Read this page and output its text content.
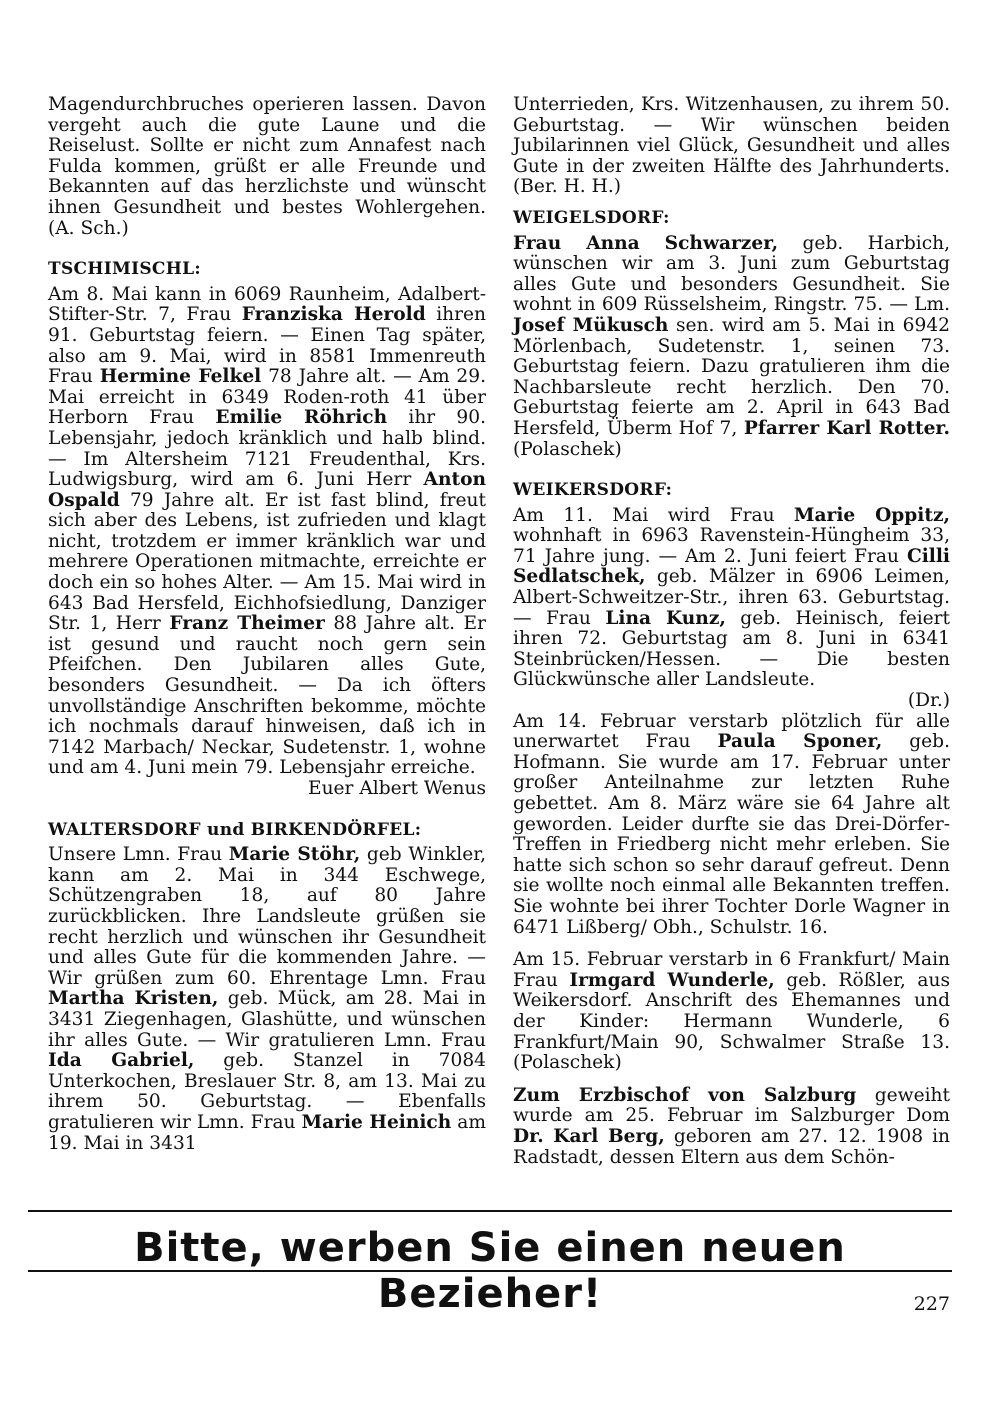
Magendurchbruches operieren lassen. Davon vergeht auch die gute Laune und die Reiselust. Sollte er nicht zum Annafest nach Fulda kommen, grüßt er alle Freunde und Bekannten auf das herzlichste und wünscht ihnen Gesundheit und bestes Wohlergehen. (A. Sch.)

TSCHIMISCHL:

Am 8. Mai kann in 6069 Raunheim, Adalbert-Stifter-Str. 7, Frau Franziska Herold ihren 91. Geburtstag feiern. — Einen Tag später, also am 9. Mai, wird in 8581 Immenreuth Frau Hermine Felkel 78 Jahre alt. — Am 29. Mai erreicht in 6349 Roden-roth 41 über Herborn Frau Emilie Röhrich ihr 90. Lebensjahr, jedoch kränklich und halb blind. — Im Altersheim 7121 Freudenthal, Krs. Ludwigsburg, wird am 6. Juni Herr Anton Ospald 79 Jahre alt. Er ist fast blind, freut sich aber des Lebens, ist zufrieden und klagt nicht, trotzdem er immer kränklich war und mehrere Operationen mitmachte, erreichte er doch ein so hohes Alter. — Am 15. Mai wird in 643 Bad Hersfeld, Eichhofsiedlung, Danziger Str. 1, Herr Franz Theimer 88 Jahre alt. Er ist gesund und raucht noch gern sein Pfeifchen. Den Jubilaren alles Gute, besonders Gesundheit. — Da ich öfters unvollständige Anschriften bekomme, möchte ich nochmals darauf hinweisen, daß ich in 7142 Marbach/ Neckar, Sudetenstr. 1, wohne und am 4. Juni mein 79. Lebensjahr erreiche.

Euer Albert Wenus
WALTERSDORF und BIRKENDÖRFEL:

Unsere Lmn. Frau Marie Stöhr, geb Winkler, kann am 2. Mai in 344 Eschwege, Schützengraben 18, auf 80 Jahre zurückblicken. Ihre Landsleute grüßen sie recht herzlich und wünschen ihr Gesundheit und alles Gute für die kommenden Jahre. — Wir grüßen zum 60. Ehrentage Lmn. Frau Martha Kristen, geb. Mück, am 28. Mai in 3431 Ziegenhagen, Glashütte, und wünschen ihr alles Gute. — Wir gratulieren Lmn. Frau Ida Gabriel, geb. Stanzel in 7084 Unterkochen, Breslauer Str. 8, am 13. Mai zu ihrem 50. Geburtstag. — Ebenfalls gratulieren wir Lmn. Frau Marie Heinich am 19. Mai in 3431

Unterrieden, Krs. Witzenhausen, zu ihrem 50. Geburtstag. — Wir wünschen beiden Jubilarinnen viel Glück, Gesundheit und alles Gute in der zweiten Hälfte des Jahrhunderts. (Ber. H. H.)

WEIGELSDORF:

Frau Anna Schwarzer, geb. Harbich, wünschen wir am 3. Juni zum Geburtstag alles Gute und besonders Gesundheit. Sie wohnt in 609 Rüsselsheim, Ringstr. 75. — Lm. Josef Mükusch sen. wird am 5. Mai in 6942 Mörlenbach, Sudetenstr. 1, seinen 73. Geburtstag feiern. Dazu gratulieren ihm die Nachbarsleute recht herzlich. Den 70. Geburtstag feierte am 2. April in 643 Bad Hersfeld, Überm Hof 7, Pfarrer Karl Rotter. (Polaschek)

WEIKERSDORF:

Am 11. Mai wird Frau Marie Oppitz, wohnhaft in 6963 Ravenstein-Hüngheim 33, 71 Jahre jung. — Am 2. Juni feiert Frau Cilli Sedlatschek, geb. Mälzer in 6906 Leimen, Albert-Schweitzer-Str., ihren 63. Geburtstag. — Frau Lina Kunz, geb. Heinisch, feiert ihren 72. Geburtstag am 8. Juni in 6341 Steinbrücken/Hessen. — Die besten Glückwünsche aller Landsleute.

(Dr.)

Am 14. Februar verstarb plötzlich für alle unerwartet Frau Paula Sponer, geb. Hofmann. Sie wurde am 17. Februar unter großer Anteilnahme zur letzten Ruhe gebettet. Am 8. März wäre sie 64 Jahre alt geworden. Leider durfte sie das Drei-Dörfer-Treffen in Friedberg nicht mehr erleben. Sie hatte sich schon so sehr darauf gefreut. Denn sie wollte noch einmal alle Bekannten treffen. Sie wohnte bei ihrer Tochter Dorle Wagner in 6471 Lißberg/ Obh., Schulstr. 16.

Am 15. Februar verstarb in 6 Frankfurt/ Main Frau Irmgard Wunderle, geb. Rößler, aus Weikersdorf. Anschrift des Ehemannes und der Kinder: Hermann Wunderle, 6 Frankfurt/Main 90, Schwalmer Straße 13. (Polaschek)

Zum Erzbischof von Salzburg geweiht wurde am 25. Februar im Salzburger Dom Dr. Karl Berg, geboren am 27. 12. 1908 in Radstadt, dessen Eltern aus dem Schön-

Bitte, werben Sie einen neuen Bezieher!	227
